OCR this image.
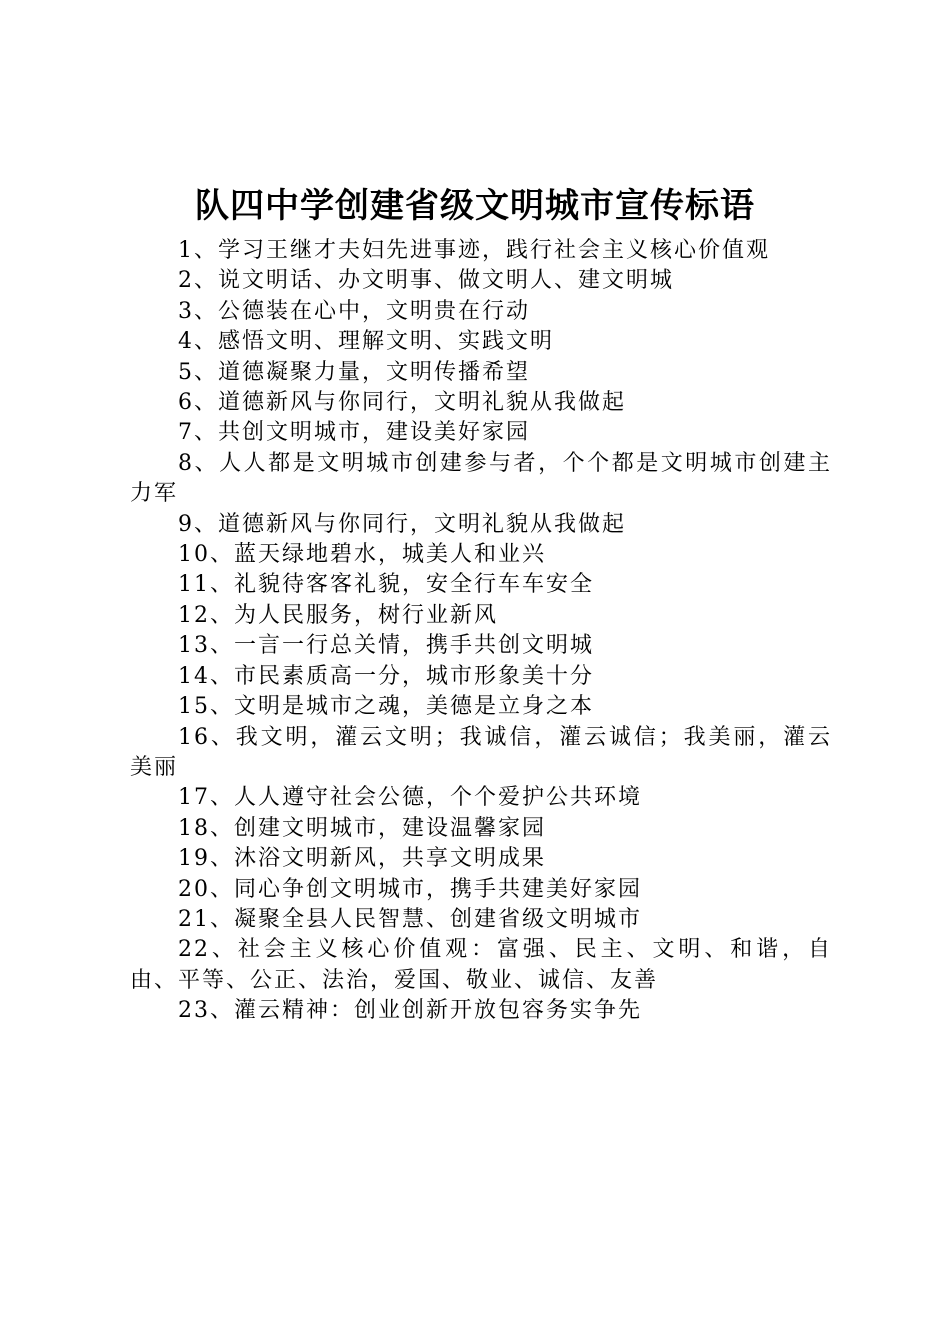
队四中学创建省级文明城市宣传标语
1、学习王继才夫妇先进事迹，践行社会主义核心价值观
2、说文明话、办文明事、做文明人、建文明城
3、公德装在心中，文明贵在行动
4、感悟文明、理解文明、实践文明
5、道德凝聚力量，文明传播希望
6、道德新风与你同行，文明礼貌从我做起
7、共创文明城市，建设美好家园
8、人人都是文明城市创建参与者，个个都是文明城市创建主力军
9、道德新风与你同行，文明礼貌从我做起
10、蓝天绿地碧水，城美人和业兴
11、礼貌待客客礼貌，安全行车车安全
12、为人民服务，树行业新风
13、一言一行总关情，携手共创文明城
14、市民素质高一分，城市形象美十分
15、文明是城市之魂，美德是立身之本
16、我文明，灌云文明；我诚信，灌云诚信；我美丽，灌云美丽
17、人人遵守社会公德，个个爱护公共环境
18、创建文明城市，建设温馨家园
19、沐浴文明新风，共享文明成果
20、同心争创文明城市，携手共建美好家园
21、凝聚全县人民智慧、创建省级文明城市
22、社会主义核心价值观：富强、民主、文明、和谐，自由、平等、公正、法治，爱国、敬业、诚信、友善
23、灌云精神：创业创新开放包容务实争先
